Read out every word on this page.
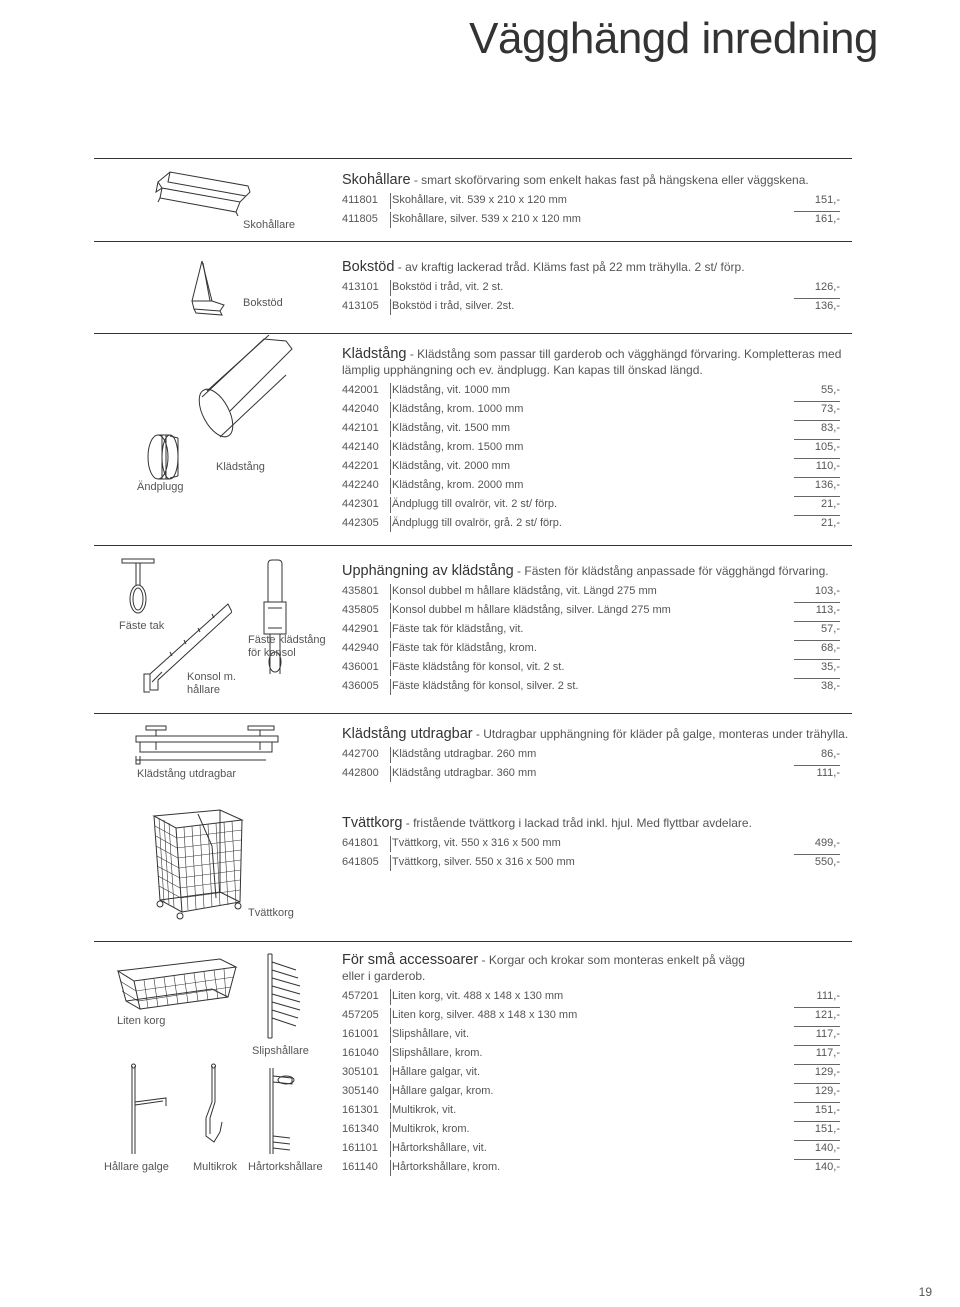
Vägghängd inredning
Skohållare - smart skoförvaring som enkelt hakas fast på hängskena eller väggskena.
411801	Skohållare, vit. 539 x 210 x 120 mm	151,-
411805	Skohållare, silver. 539 x 210 x 120 mm	161,-
Bokstöd - av kraftig lackerad tråd. Kläms fast på 22 mm trähylla. 2 st/ förp.
413101	Bokstöd i tråd, vit. 2 st.	126,-
413105	Bokstöd i tråd, silver. 2st.	136,-
Klädstång - Klädstång som passar till garderob och vägghängd förvaring. Kompletteras med lämplig upphängning och ev. ändplugg. Kan kapas till önskad längd.
442001	Klädstång, vit. 1000 mm	55,-
442040	Klädstång, krom. 1000 mm	73,-
442101	Klädstång, vit. 1500 mm	83,-
442140	Klädstång, krom. 1500 mm	105,-
442201	Klädstång, vit. 2000 mm	110,-
442240	Klädstång, krom. 2000 mm	136,-
442301	Ändplugg till ovalrör, vit. 2 st/ förp.	21,-
442305	Ändplugg till ovalrör, grå. 2 st/ förp.	21,-
Upphängning av klädstång - Fästen för klädstång anpassade för vägghängd förvaring.
435801	Konsol dubbel m hållare klädstång, vit. Längd 275 mm	103,-
435805	Konsol dubbel m hållare klädstång, silver. Längd 275 mm	113,-
442901	Fäste tak för klädstång, vit.	57,-
442940	Fäste tak för klädstång, krom.	68,-
436001	Fäste klädstång för konsol, vit. 2 st.	35,-
436005	Fäste klädstång för konsol, silver. 2 st.	38,-
Klädstång utdragbar - Utdragbar upphängning för kläder på galge, monteras under trähylla.
442700	Klädstång utdragbar. 260 mm	86,-
442800	Klädstång utdragbar. 360 mm	111,-
Tvättkorg - fristående tvättkorg i lackad tråd inkl. hjul. Med flyttbar avdelare.
641801	Tvättkorg, vit. 550 x 316 x 500 mm	499,-
641805	Tvättkorg, silver. 550 x 316 x 500 mm	550,-
För små accessoarer - Korgar och krokar som monteras enkelt på vägg eller i garderob.
457201	Liten korg, vit. 488 x 148 x 130 mm	111,-
457205	Liten korg, silver. 488 x 148 x 130 mm	121,-
161001	Slipshållare, vit.	117,-
161040	Slipshållare, krom.	117,-
305101	Hållare galgar, vit.	129,-
305140	Hållare galgar, krom.	129,-
161301	Multikrok, vit.	151,-
161340	Multikrok, krom.	151,-
161101	Hårtorkshållare, vit.	140,-
161140	Hårtorkshållare, krom.	140,-
Skohållare
Bokstöd
Ändplugg
Klädstång
Fäste tak
Konsol m.
hållare
Fäste klädstång
för konsol
Klädstång utdragbar
Tvättkorg
Liten korg
Slipshållare
Hållare galge Multikrok Hårtorkshållare
19
